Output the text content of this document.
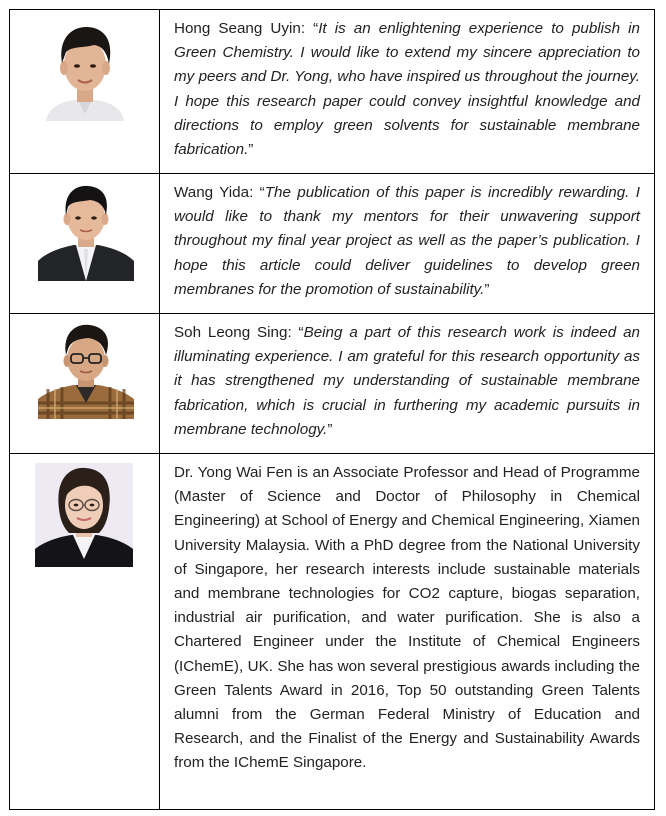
Hong Seang Uyin: “It is an enlightening experience to publish in Green Chemistry. I would like to extend my sincere appreciation to my peers and Dr. Yong, who have inspired us throughout the journey. I hope this research paper could convey insightful knowledge and directions to employ green solvents for sustainable membrane fabrication.”

Wang Yida: “The publication of this paper is incredibly rewarding. I would like to thank my mentors for their unwavering support throughout my final year project as well as the paper’s publication. I hope this article could deliver guidelines to develop green membranes for the promotion of sustainability.”

Soh Leong Sing: “Being a part of this research work is indeed an illuminating experience. I am grateful for this research opportunity as it has strengthened my understanding of sustainable membrane fabrication, which is crucial in furthering my academic pursuits in membrane technology.”

Dr. Yong Wai Fen is an Associate Professor and Head of Programme (Master of Science and Doctor of Philosophy in Chemical Engineering) at School of Energy and Chemical Engineering, Xiamen University Malaysia. With a PhD degree from the National University of Singapore, her research interests include sustainable materials and membrane technologies for CO2 capture, biogas separation, industrial air purification, and water purification. She is also a Chartered Engineer under the Institute of Chemical Engineers (IChemE), UK. She has won several prestigious awards including the Green Talents Award in 2016, Top 50 outstanding Green Talents alumni from the German Federal Ministry of Education and Research, and the Finalist of the Energy and Sustainability Awards from the IChemE Singapore.
